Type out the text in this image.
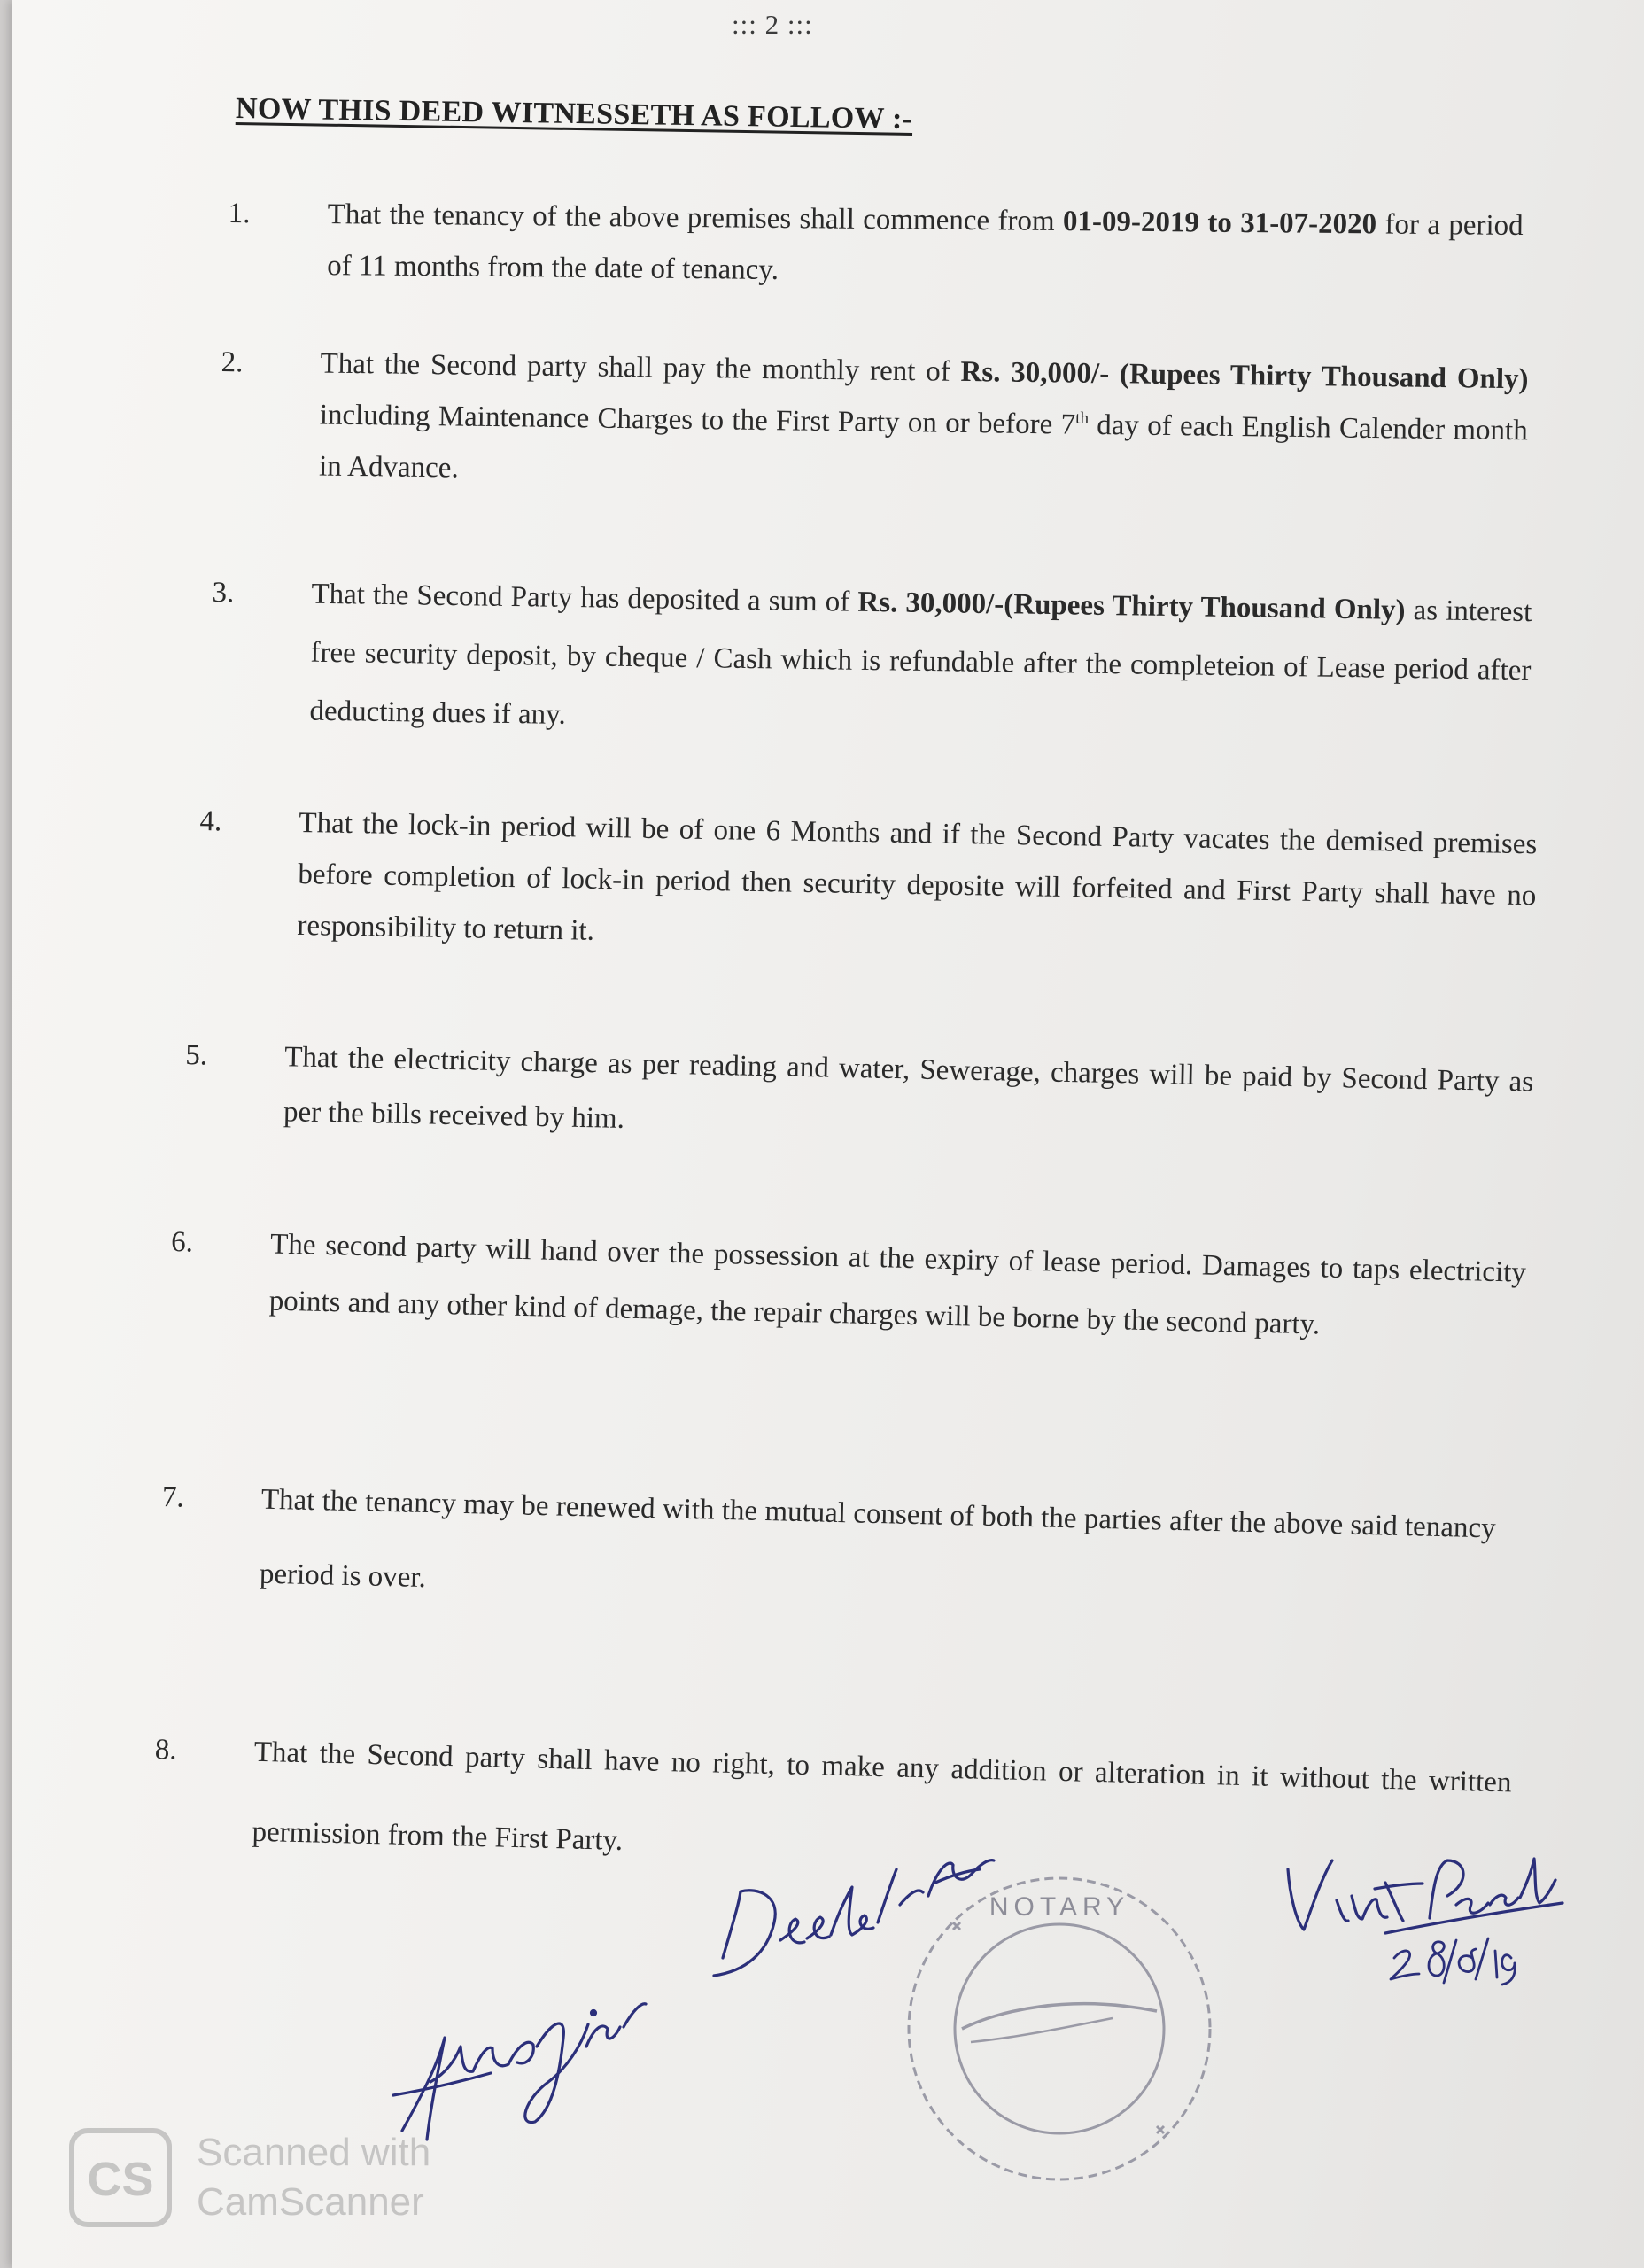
::: 2 :::
NOW THIS DEED WITNESSETH AS FOLLOW :-
1.	That the tenancy of the above premises shall commence from 01-09-2019 to 31-07-2020 for a period of 11 months from the date of tenancy.

2.	That the Second party shall pay the monthly rent of Rs. 30,000/- (Rupees Thirty Thousand Only) including Maintenance Charges to the First Party on or before 7th day of each English Calender month in Advance.

3.	That the Second Party has deposited a sum of Rs. 30,000/-(Rupees Thirty Thousand Only) as interest free security deposit, by cheque / Cash which is refundable after the completeion of Lease period after deducting dues if any.

4.	That the lock-in period will be of one 6 Months and if the Second Party vacates the demised premises before completion of lock-in period then security deposite will forfeited and First Party shall have no responsibility to return it.

5.	That the electricity charge as per reading and water, Sewerage, charges will be paid by Second Party as per the bills received by him.

6.	The second party will hand over the possession at the expiry of lease period. Damages to taps electricity points and any other kind of demage, the repair charges will be borne by the second party.

7.	That the tenancy may be renewed with the mutual consent of both the parties after the above said tenancy period is over.

8.	That the Second party shall have no right, to make any addition or alteration in it without the written permission from the First Party.

NOTARY
CS
Scanned with
CamScanner
